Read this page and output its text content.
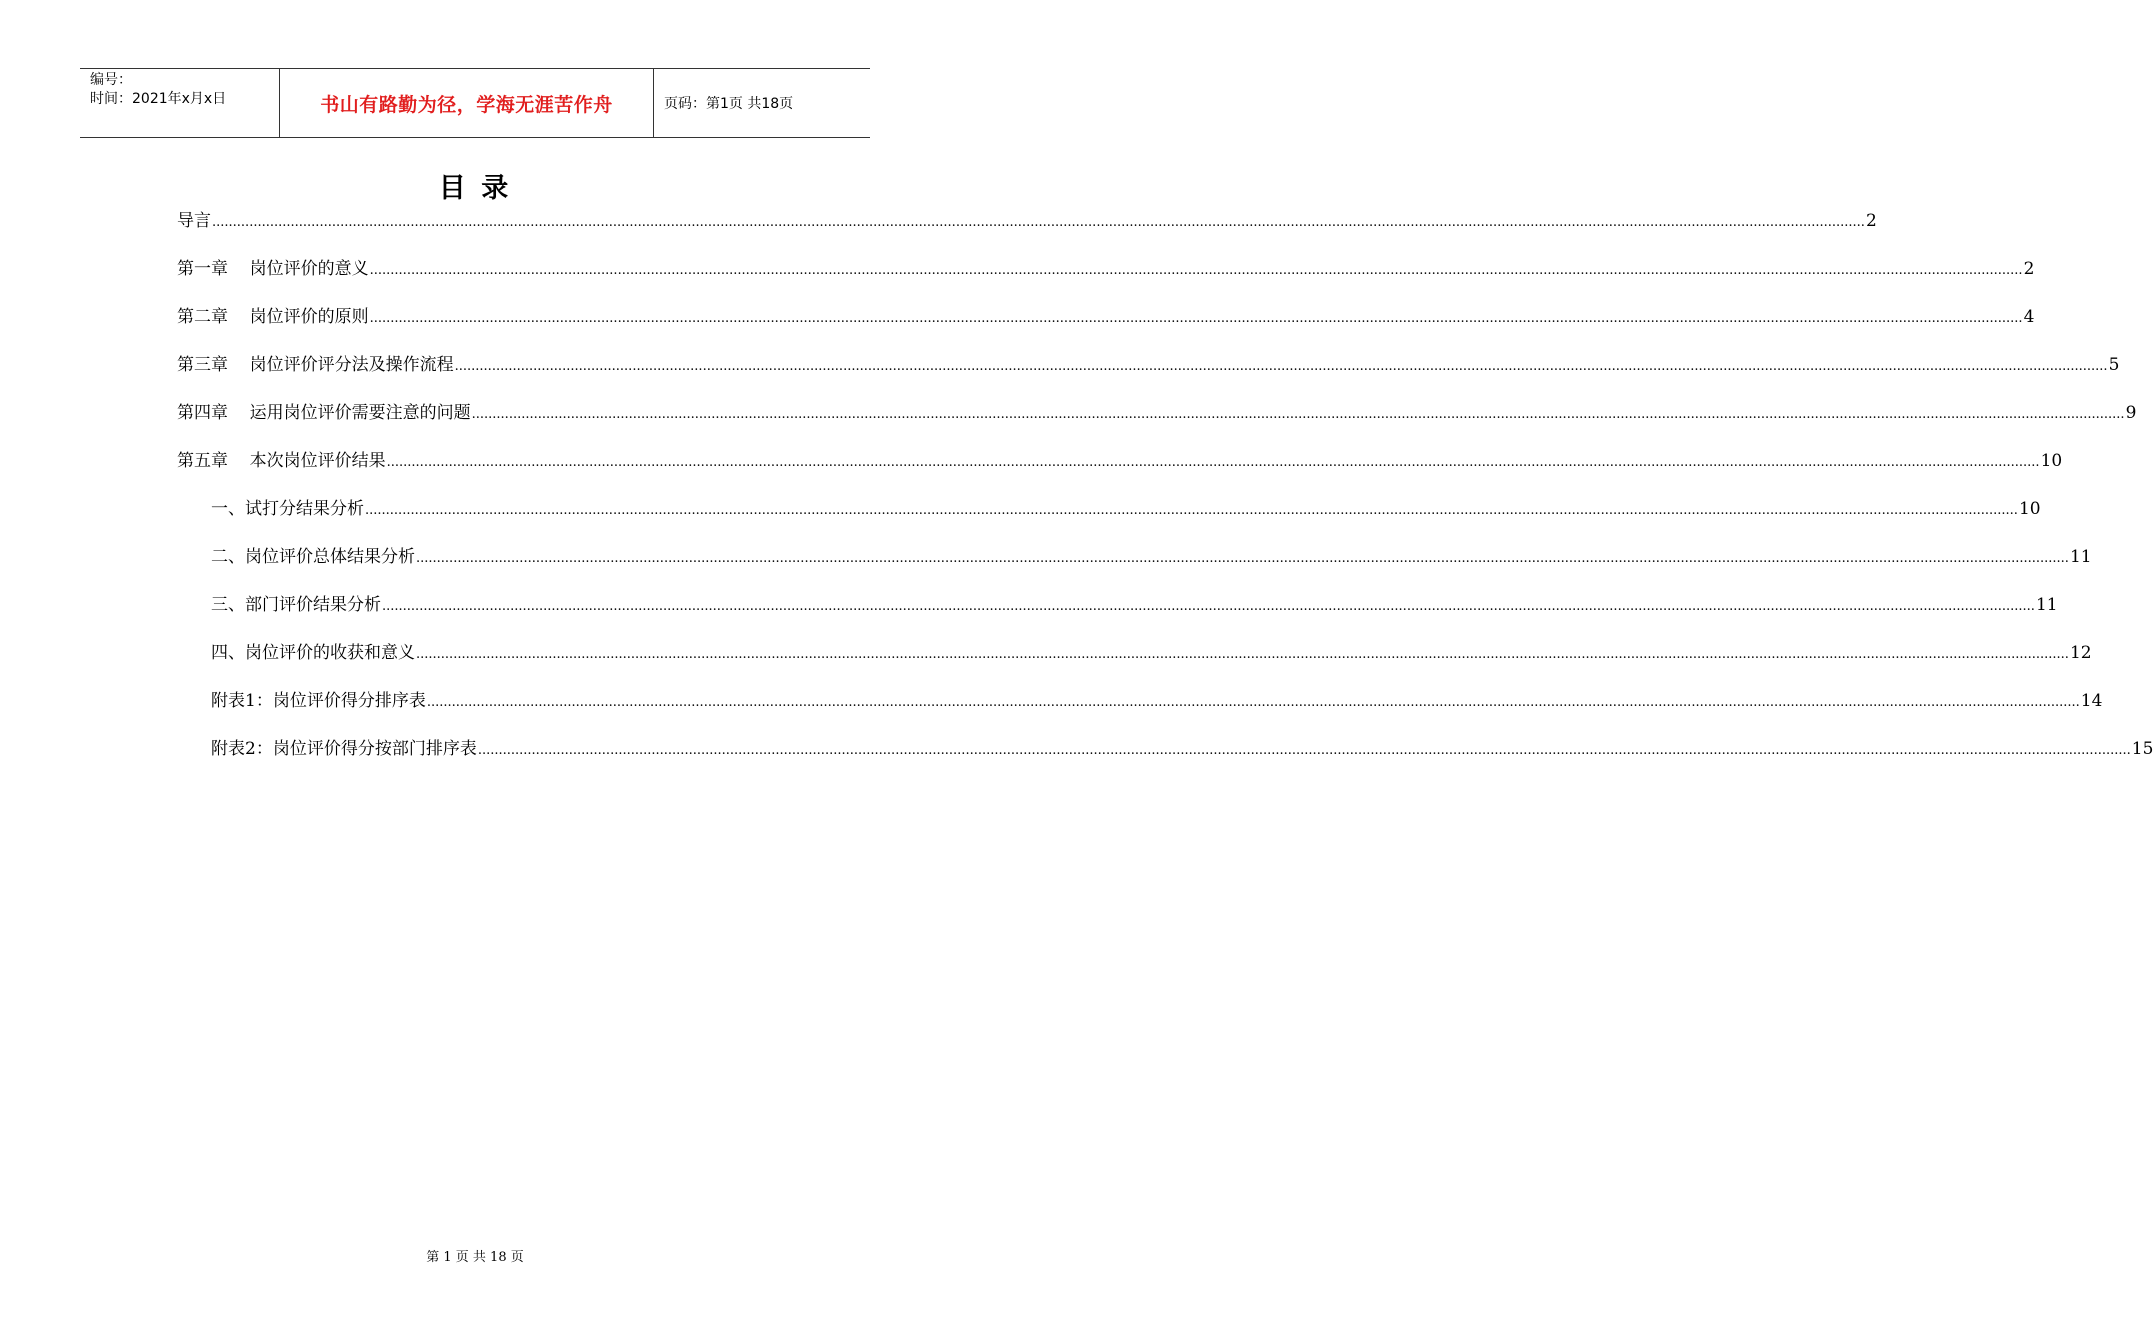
编号：
时间：2021年x月x日	书山有路勤为径，学海无涯苦作舟	页码：第1页 共18页
目 录
导言 ................................................................................................................................................................................................................................................................................................................................................................................................................ 2
第一章    岗位评价的意义 ................................................................................................................................................................................................................................................................................................................................................................................................................ 2
第二章    岗位评价的原则 ................................................................................................................................................................................................................................................................................................................................................................................................................ 4
第三章    岗位评价评分法及操作流程 ................................................................................................................................................................................................................................................................................................................................................................................................................ 5
第四章    运用岗位评价需要注意的问题 ................................................................................................................................................................................................................................................................................................................................................................................................................ 9
第五章    本次岗位评价结果 ................................................................................................................................................................................................................................................................................................................................................................................................................ 10
一、试打分结果分析 ................................................................................................................................................................................................................................................................................................................................................................................................................ 10
二、岗位评价总体结果分析 ................................................................................................................................................................................................................................................................................................................................................................................................................ 11
三、部门评价结果分析 ................................................................................................................................................................................................................................................................................................................................................................................................................ 11
四、岗位评价的收获和意义 ................................................................................................................................................................................................................................................................................................................................................................................................................ 12
附表1：岗位评价得分排序表 ................................................................................................................................................................................................................................................................................................................................................................................................................ 14
附表2：岗位评价得分按部门排序表 ................................................................................................................................................................................................................................................................................................................................................................................................................ 15
第 1 页 共 18 页
